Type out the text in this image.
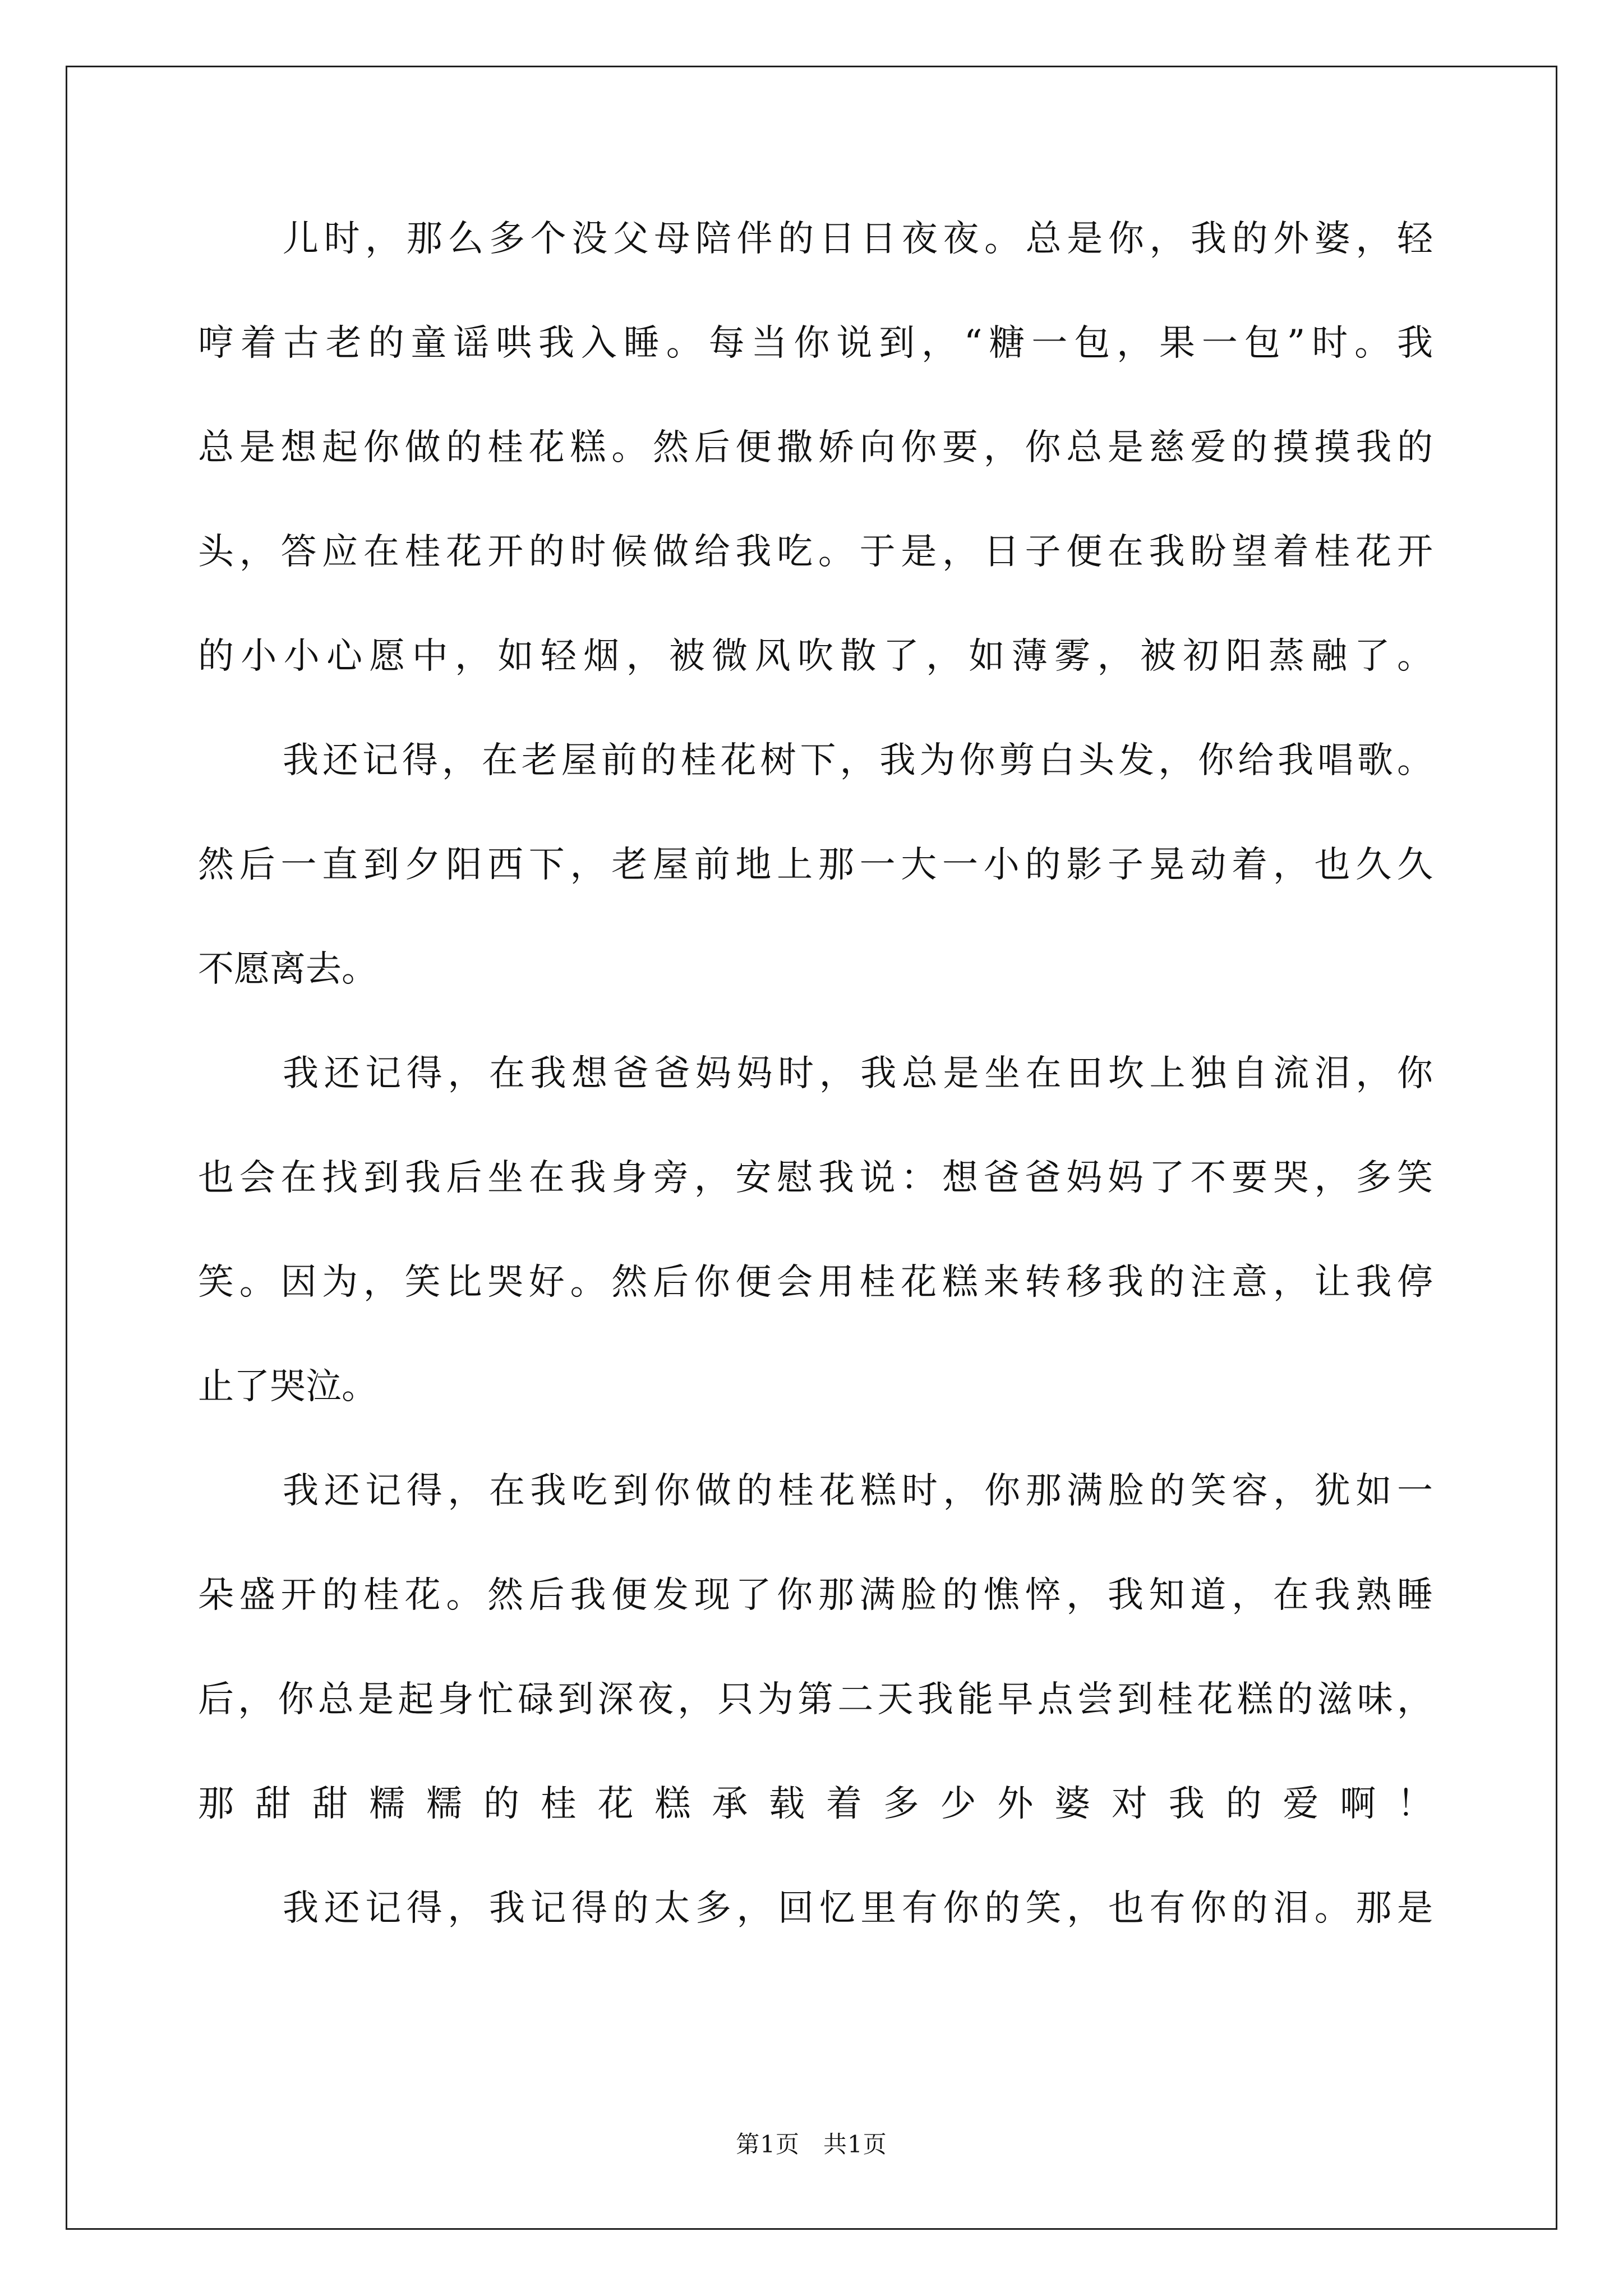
儿时，那么多个没父母陪伴的日日夜夜。总是你，我的外婆，轻
哼着古老的童谣哄我入睡。每当你说到，“糖一包，果一包”时。我
总是想起你做的桂花糕。然后便撒娇向你要，你总是慈爱的摸摸我的
头，答应在桂花开的时候做给我吃。于是，日子便在我盼望着桂花开
的小小心愿中，如轻烟，被微风吹散了，如薄雾，被初阳蒸融了。
我还记得，在老屋前的桂花树下，我为你剪白头发，你给我唱歌。
然后一直到夕阳西下，老屋前地上那一大一小的影子晃动着，也久久
不愿离去。
我还记得，在我想爸爸妈妈时，我总是坐在田坎上独自流泪，你
也会在找到我后坐在我身旁，安慰我说：想爸爸妈妈了不要哭，多笑
笑。因为，笑比哭好。然后你便会用桂花糕来转移我的注意，让我停
止了哭泣。
我还记得，在我吃到你做的桂花糕时，你那满脸的笑容，犹如一
朵盛开的桂花。然后我便发现了你那满脸的憔悴，我知道，在我熟睡
后，你总是起身忙碌到深夜，只为第二天我能早点尝到桂花糕的滋味，
那甜甜糯糯的桂花糕承载着多少外婆对我的爱啊！
我还记得，我记得的太多，回忆里有你的笑，也有你的泪。那是
第1页 共1页
